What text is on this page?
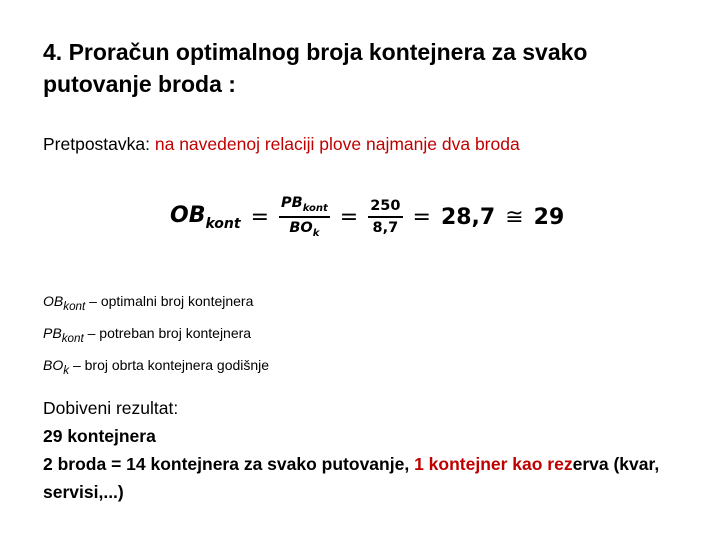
4. Proračun optimalnog broja kontejnera za svako putovanje broda :
Pretpostavka: na navedenoj relaciji plove najmanje dva broda
$OB_{kont} = \frac{PB_{kont}}{BO_k} = \frac{250}{8,7} = 28,7$ ≅ 29
$OB_{kont}$ – optimalni broj kontejnera
$PB_{kont}$ – potreban broj kontejnera
$BO_k$ – broj obrta kontejnera godišnje
Dobiveni rezultat:
29 kontejnera
2 broda = 14 kontejnera za svako putovanje, 1 kontejner kao rezerva (kvar, servisi,...)
